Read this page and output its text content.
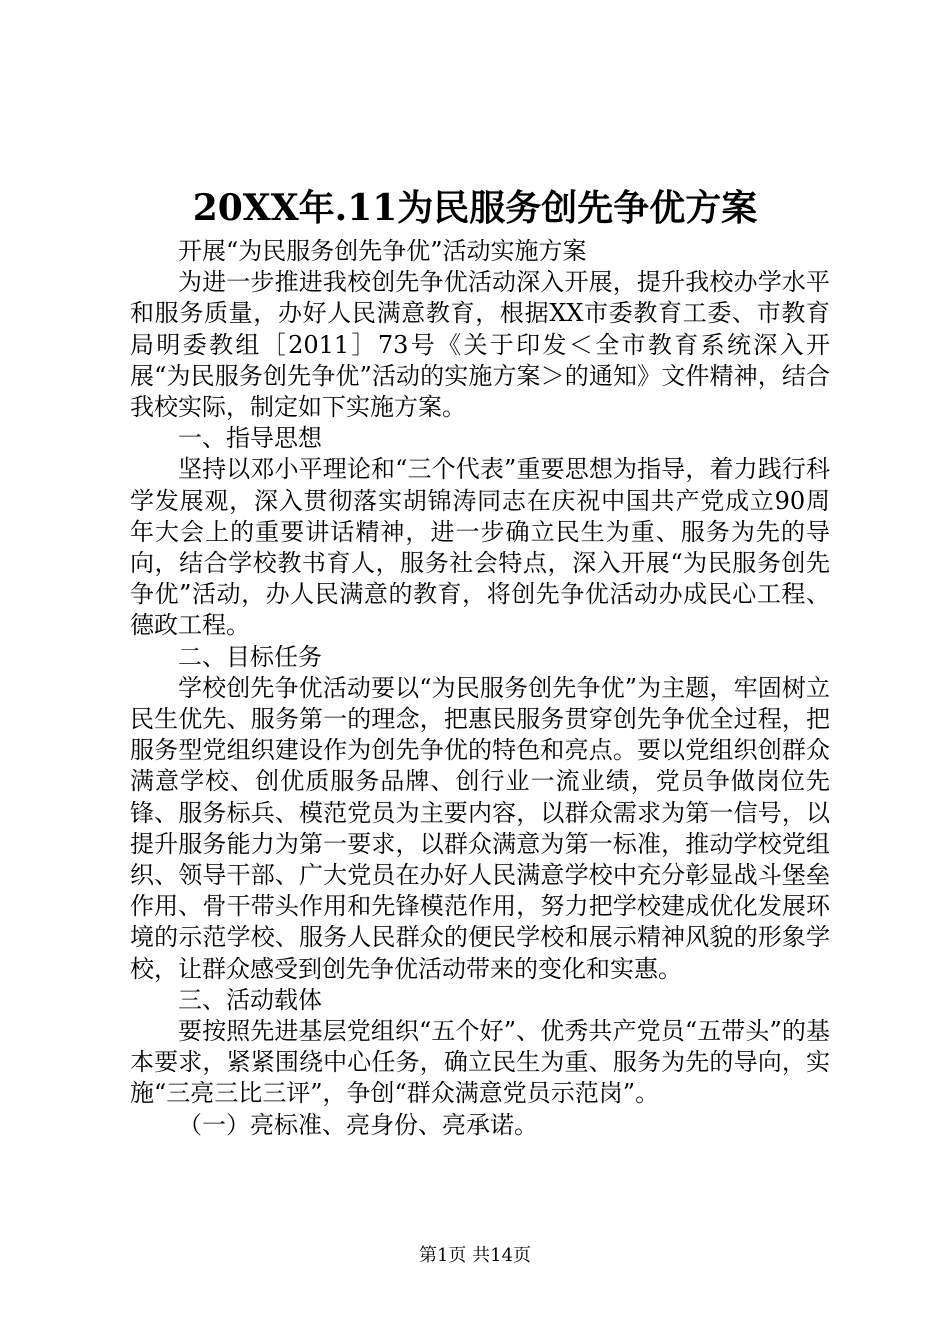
20XX年.11为民服务创先争优方案

开展“为民服务创先争优”活动实施方案

为进一步推进我校创先争优活动深入开展，提升我校办学水平和服务质量，办好人民满意教育，根据XX市委教育工委、市教育局明委教组［2011］73号《关于印发＜全市教育系统深入开展“为民服务创先争优”活动的实施方案＞的通知》文件精神，结合我校实际，制定如下实施方案。

一、指导思想

坚持以邓小平理论和“三个代表”重要思想为指导，着力践行科学发展观，深入贯彻落实胡锦涛同志在庆祝中国共产党成立90周年大会上的重要讲话精神，进一步确立民生为重、服务为先的导向，结合学校教书育人，服务社会特点，深入开展“为民服务创先争优”活动，办人民满意的教育，将创先争优活动办成民心工程、德政工程。

二、目标任务

学校创先争优活动要以“为民服务创先争优”为主题，牢固树立民生优先、服务第一的理念，把惠民服务贯穿创先争优全过程，把服务型党组织建设作为创先争优的特色和亮点。要以党组织创群众满意学校、创优质服务品牌、创行业一流业绩，党员争做岗位先锋、服务标兵、模范党员为主要内容，以群众需求为第一信号，以提升服务能力为第一要求，以群众满意为第一标准，推动学校党组织、领导干部、广大党员在办好人民满意学校中充分彰显战斗堡垒作用、骨干带头作用和先锋模范作用，努力把学校建成优化发展环境的示范学校、服务人民群众的便民学校和展示精神风貌的形象学校，让群众感受到创先争优活动带来的变化和实惠。

三、活动载体

要按照先进基层党组织“五个好”、优秀共产党员“五带头”的基本要求，紧紧围绕中心任务，确立民生为重、服务为先的导向，实施“三亮三比三评”，争创“群众满意党员示范岗”。

（一）亮标准、亮身份、亮承诺。

第1页 共14页
